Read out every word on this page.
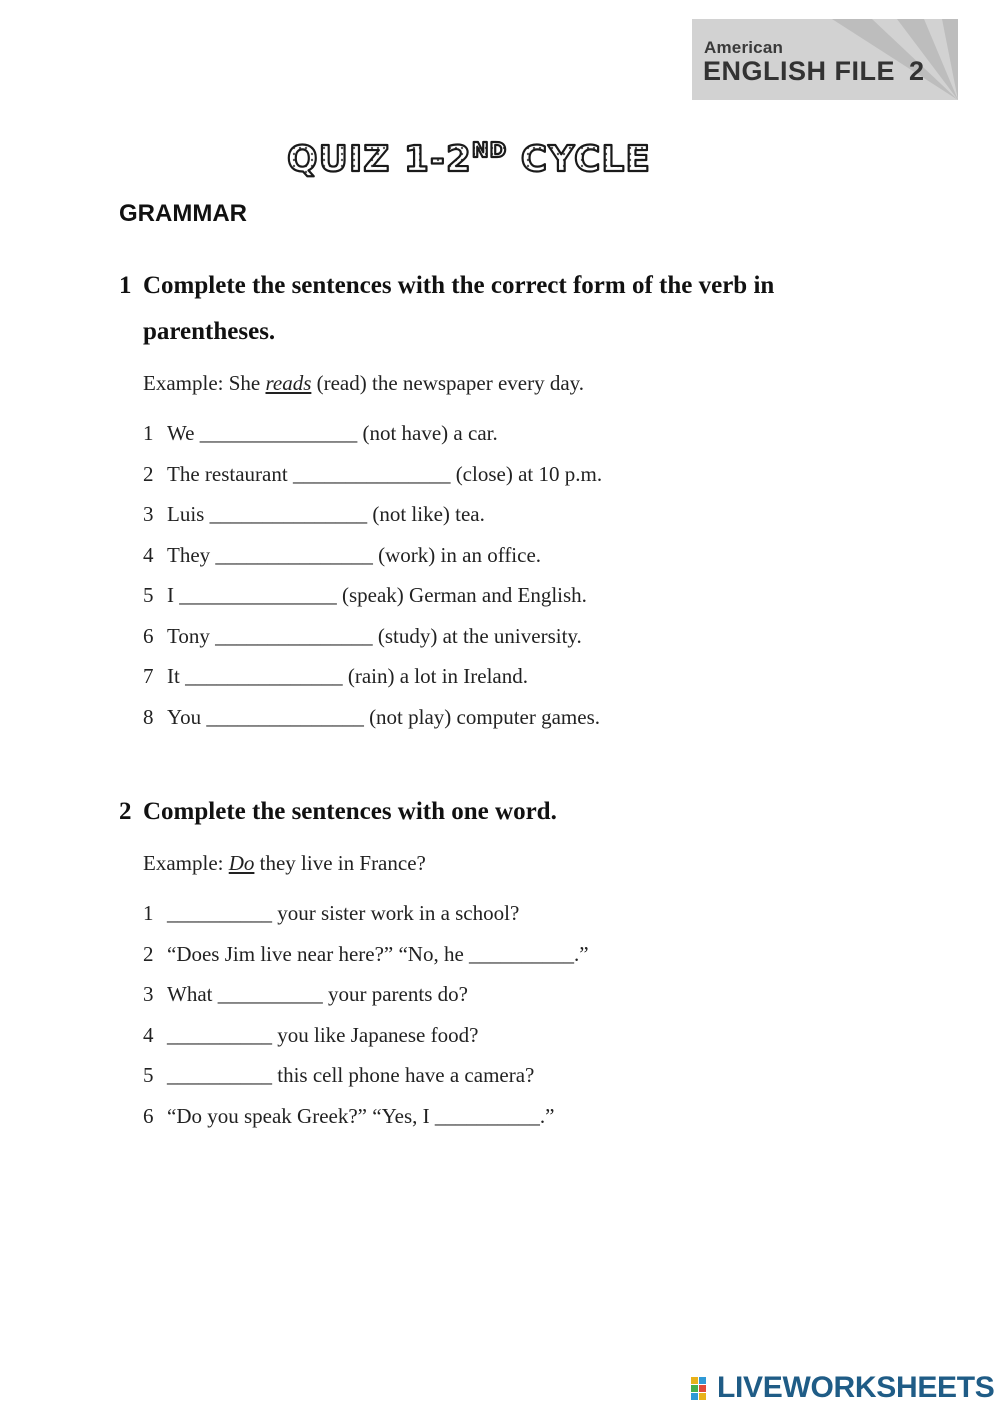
American
ENGLISH FILE 2
QUIZ 1-2ND CYCLE
GRAMMAR
1 Complete the sentences with the correct form of the verb in parentheses.
Example: She reads (read) the newspaper every day.
1 We _______________ (not have) a car.
2 The restaurant _______________ (close) at 10 p.m.
3 Luis _______________ (not like) tea.
4 They _______________ (work) in an office.
5 I _______________ (speak) German and English.
6 Tony _______________ (study) at the university.
7 It _______________ (rain) a lot in Ireland.
8 You _______________ (not play) computer games.
2 Complete the sentences with one word.
Example: Do they live in France?
1 __________ your sister work in a school?
2 “Does Jim live near here?” “No, he __________.”
3 What __________ your parents do?
4 __________ you like Japanese food?
5 __________ this cell phone have a camera?
6 “Do you speak Greek?” “Yes, I __________.”
LIVEWORKSHEETS
